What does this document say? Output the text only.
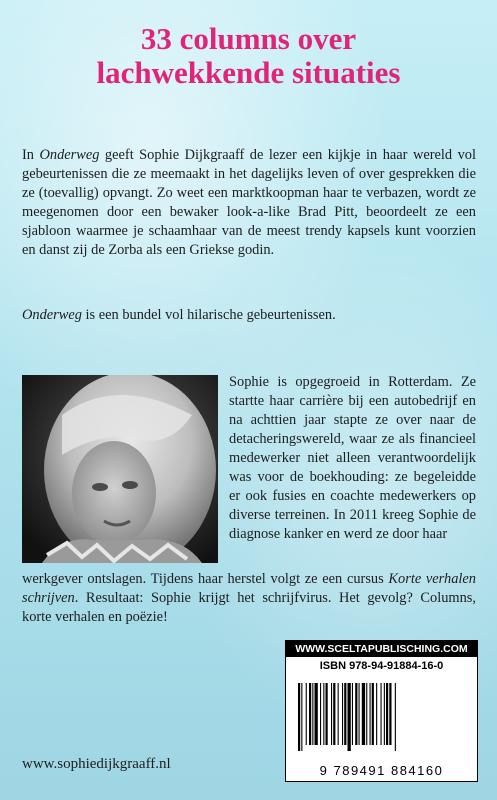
33 columns over
lachwekkende situaties
In Onderweg geeft Sophie Dijkgraaff de lezer een kijkje in haar wereld vol gebeurtenissen die ze meemaakt in het dagelijks leven of over gesprekken die ze (toevallig) opvangt. Zo weet een marktkoopman haar te verbazen, wordt ze meegenomen door een bewaker look-a-like Brad Pitt, beoordeelt ze een sjabloon waarmee je schaamhaar van de meest trendy kapsels kunt voorzien en danst zij de Zorba als een Griekse godin.
Onderweg is een bundel vol hilarische gebeurtenissen.
Sophie is opgegroeid in Rotterdam. Ze startte haar carrière bij een autobedrijf en na achttien jaar stapte ze over naar de detacheringswereld, waar ze als financieel medewerker niet alleen verantwoordelijk was voor de boekhouding: ze begeleidde er ook fusies en coachte medewerkers op diverse terreinen. In 2011 kreeg Sophie de diagnose kanker en werd ze door haar
werkgever ontslagen. Tijdens haar herstel volgt ze een cursus Korte verhalen schrijven. Resultaat: Sophie krijgt het schrijfvirus. Het gevolg? Columns, korte verhalen en poëzie!
www.sophiedijkgraaff.nl
WWW.SCELTAPUBLISCHING.COM
ISBN 978-94-91884-16-0
9 789491 884160
